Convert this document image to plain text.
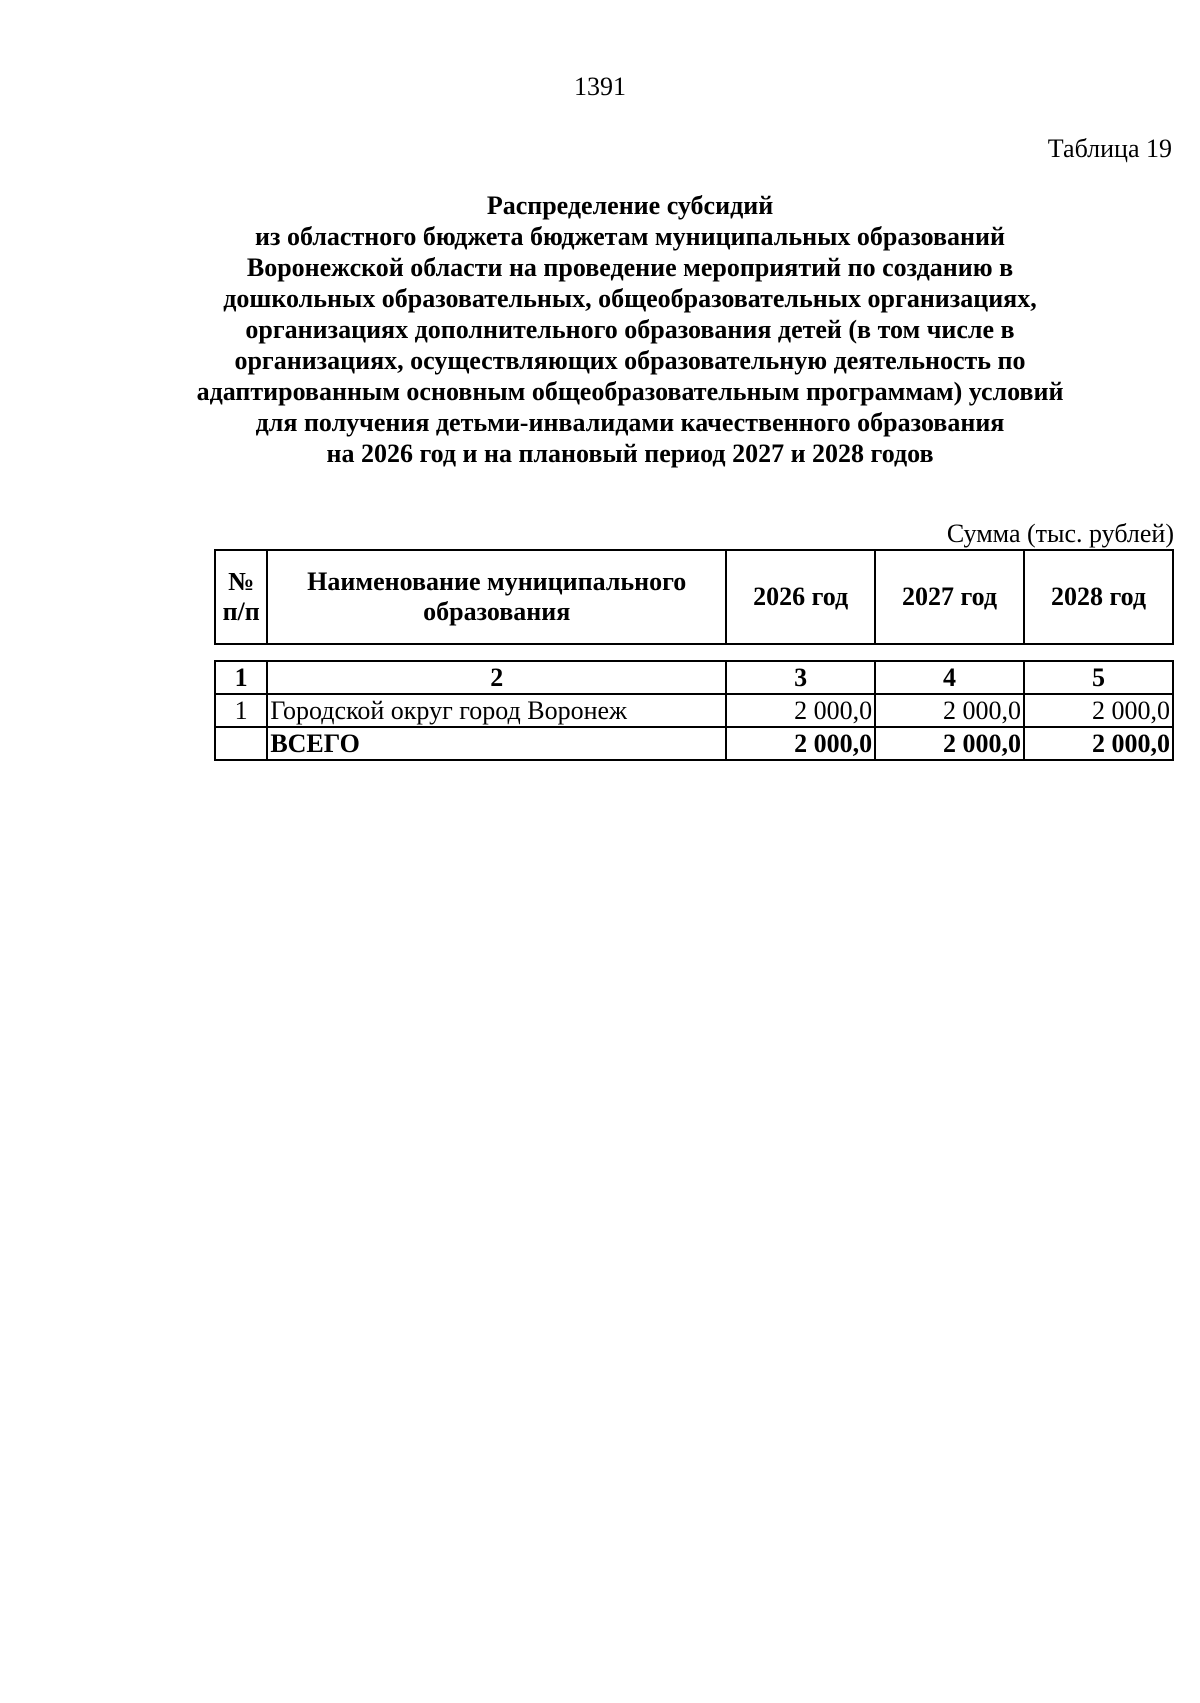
1391
Таблица 19
Распределение субсидий
из областного бюджета бюджетам муниципальных образований
Воронежской области на проведение мероприятий по созданию в
дошкольных образовательных, общеобразовательных организациях,
организациях дополнительного образования детей (в том числе в
организациях, осуществляющих образовательную деятельность по
адаптированным основным общеобразовательным программам) условий
для получения детьми-инвалидами качественного образования
на 2026 год и на плановый период 2027 и 2028 годов
Сумма (тыс. рублей)
№ п/п	Наименование муниципального образования	2026 год	2027 год	2028 год
1	2	3	4	5
1	Городской округ город Воронеж	2 000,0	2 000,0	2 000,0
	ВСЕГО	2 000,0	2 000,0	2 000,0
